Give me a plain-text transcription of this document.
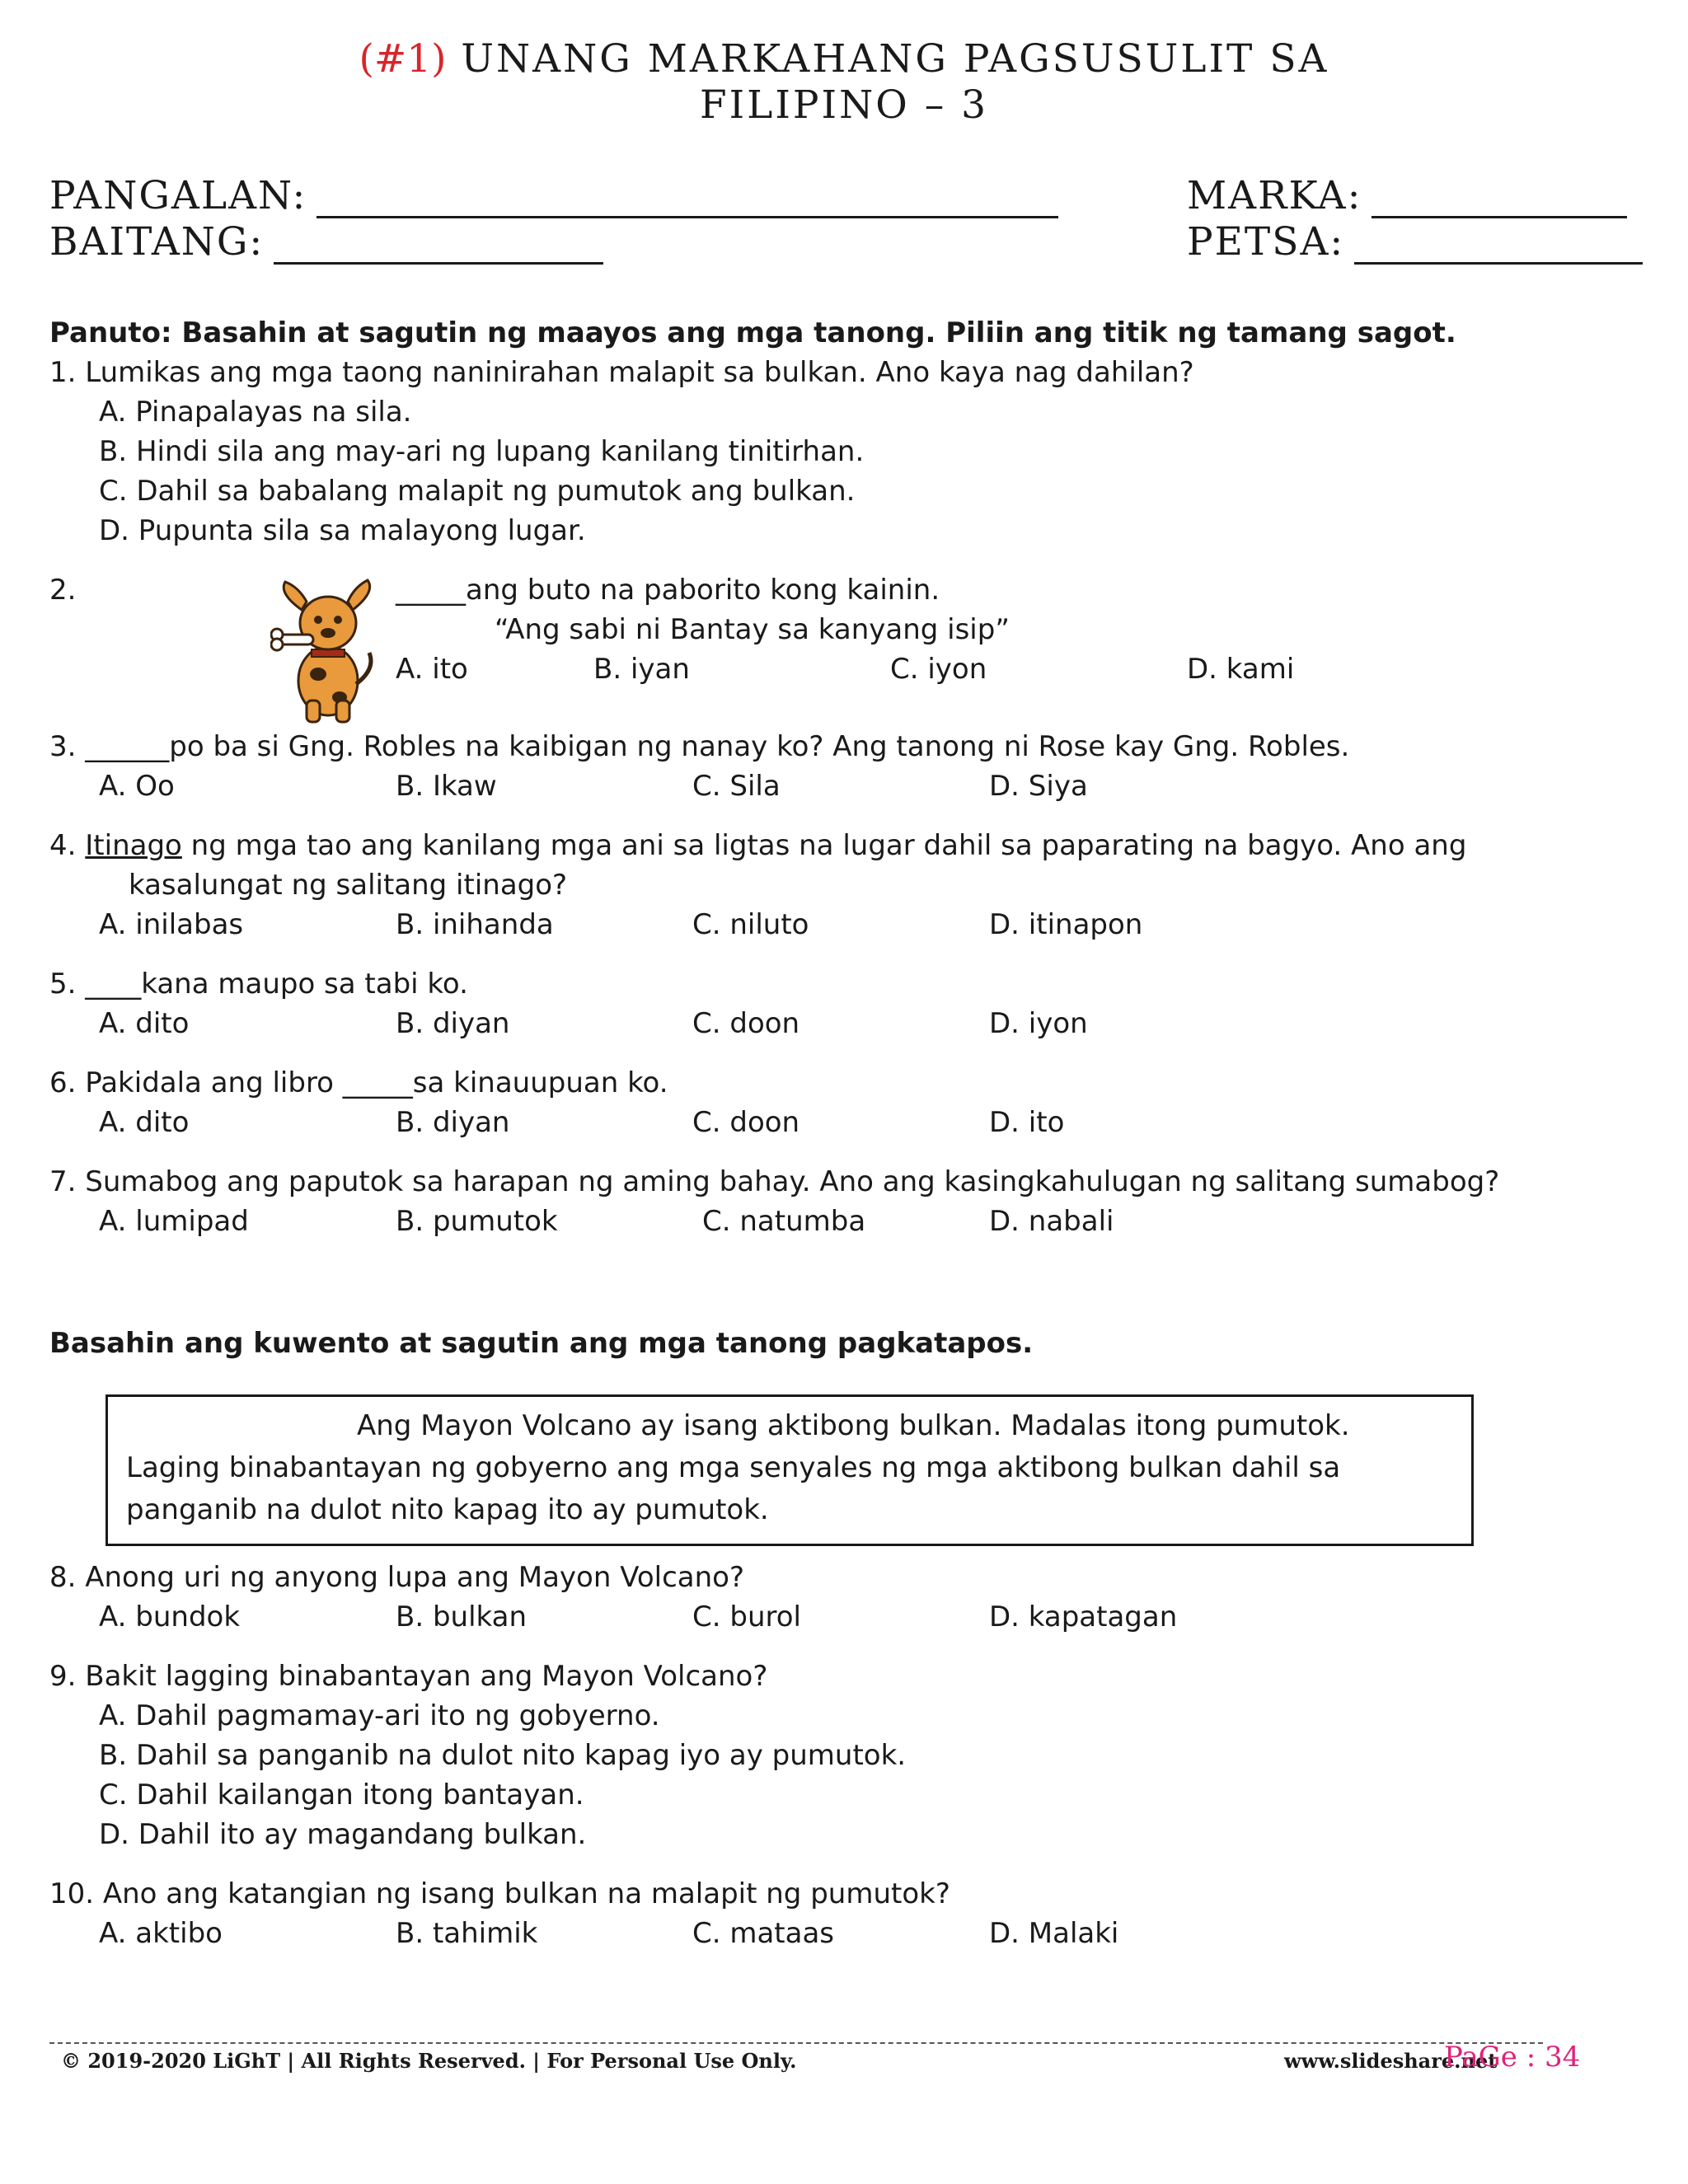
(#1) UNANG MARKAHANG PAGSUSULIT SA
FILIPINO – 3
PANGALAN:	MARKA:
BAITANG:	PETSA:
Panuto: Basahin at sagutin ng maayos ang mga tanong. Piliin ang titik ng tamang sagot.
1. Lumikas ang mga taong naninirahan malapit sa bulkan. Ano kaya nag dahilan?
A. Pinapalayas na sila.
B. Hindi sila ang may-ari ng lupang kanilang tinitirhan.
C. Dahil sa babalang malapit ng pumutok ang bulkan.
D. Pupunta sila sa malayong lugar.
2.	_____ang buto na paborito kong kainin.
“Ang sabi ni Bantay sa kanyang isip”
A. ito	B. iyan	C. iyon	D. kami
3. ______po ba si Gng. Robles na kaibigan ng nanay ko? Ang tanong ni Rose kay Gng. Robles.
A. Oo	B. Ikaw	C. Sila	D. Siya
4. Itinago ng mga tao ang kanilang mga ani sa ligtas na lugar dahil sa paparating na bagyo. Ano ang
kasalungat ng salitang itinago?
A. inilabas	B. inihanda	C. niluto	D. itinapon
5. ____kana maupo sa tabi ko.
A. dito	B. diyan	C. doon	D. iyon
6. Pakidala ang libro _____sa kinauupuan ko.
A. dito	B. diyan	C. doon	D. ito
7. Sumabog ang paputok sa harapan ng aming bahay. Ano ang kasingkahulugan ng salitang sumabog?
A. lumipad	B. pumutok	C. natumba	D. nabali
Basahin ang kuwento at sagutin ang mga tanong pagkatapos.
Ang Mayon Volcano ay isang aktibong bulkan. Madalas itong pumutok.
Laging binabantayan ng gobyerno ang mga senyales ng mga aktibong bulkan dahil sa panganib na dulot nito kapag ito ay pumutok.
8. Anong uri ng anyong lupa ang Mayon Volcano?
A. bundok	B. bulkan	C. burol	D. kapatagan
9. Bakit lagging binabantayan ang Mayon Volcano?
A. Dahil pagmamay-ari ito ng gobyerno.
B. Dahil sa panganib na dulot nito kapag iyo ay pumutok.
C. Dahil kailangan itong bantayan.
D. Dahil ito ay magandang bulkan.
10. Ano ang katangian ng isang bulkan na malapit ng pumutok?
A. aktibo	B. tahimik	C. mataas	D. Malaki
© 2019-2020 LiGhT | All Rights Reserved. | For Personal Use Only.	www.slideshare.net
PaGe : 34
